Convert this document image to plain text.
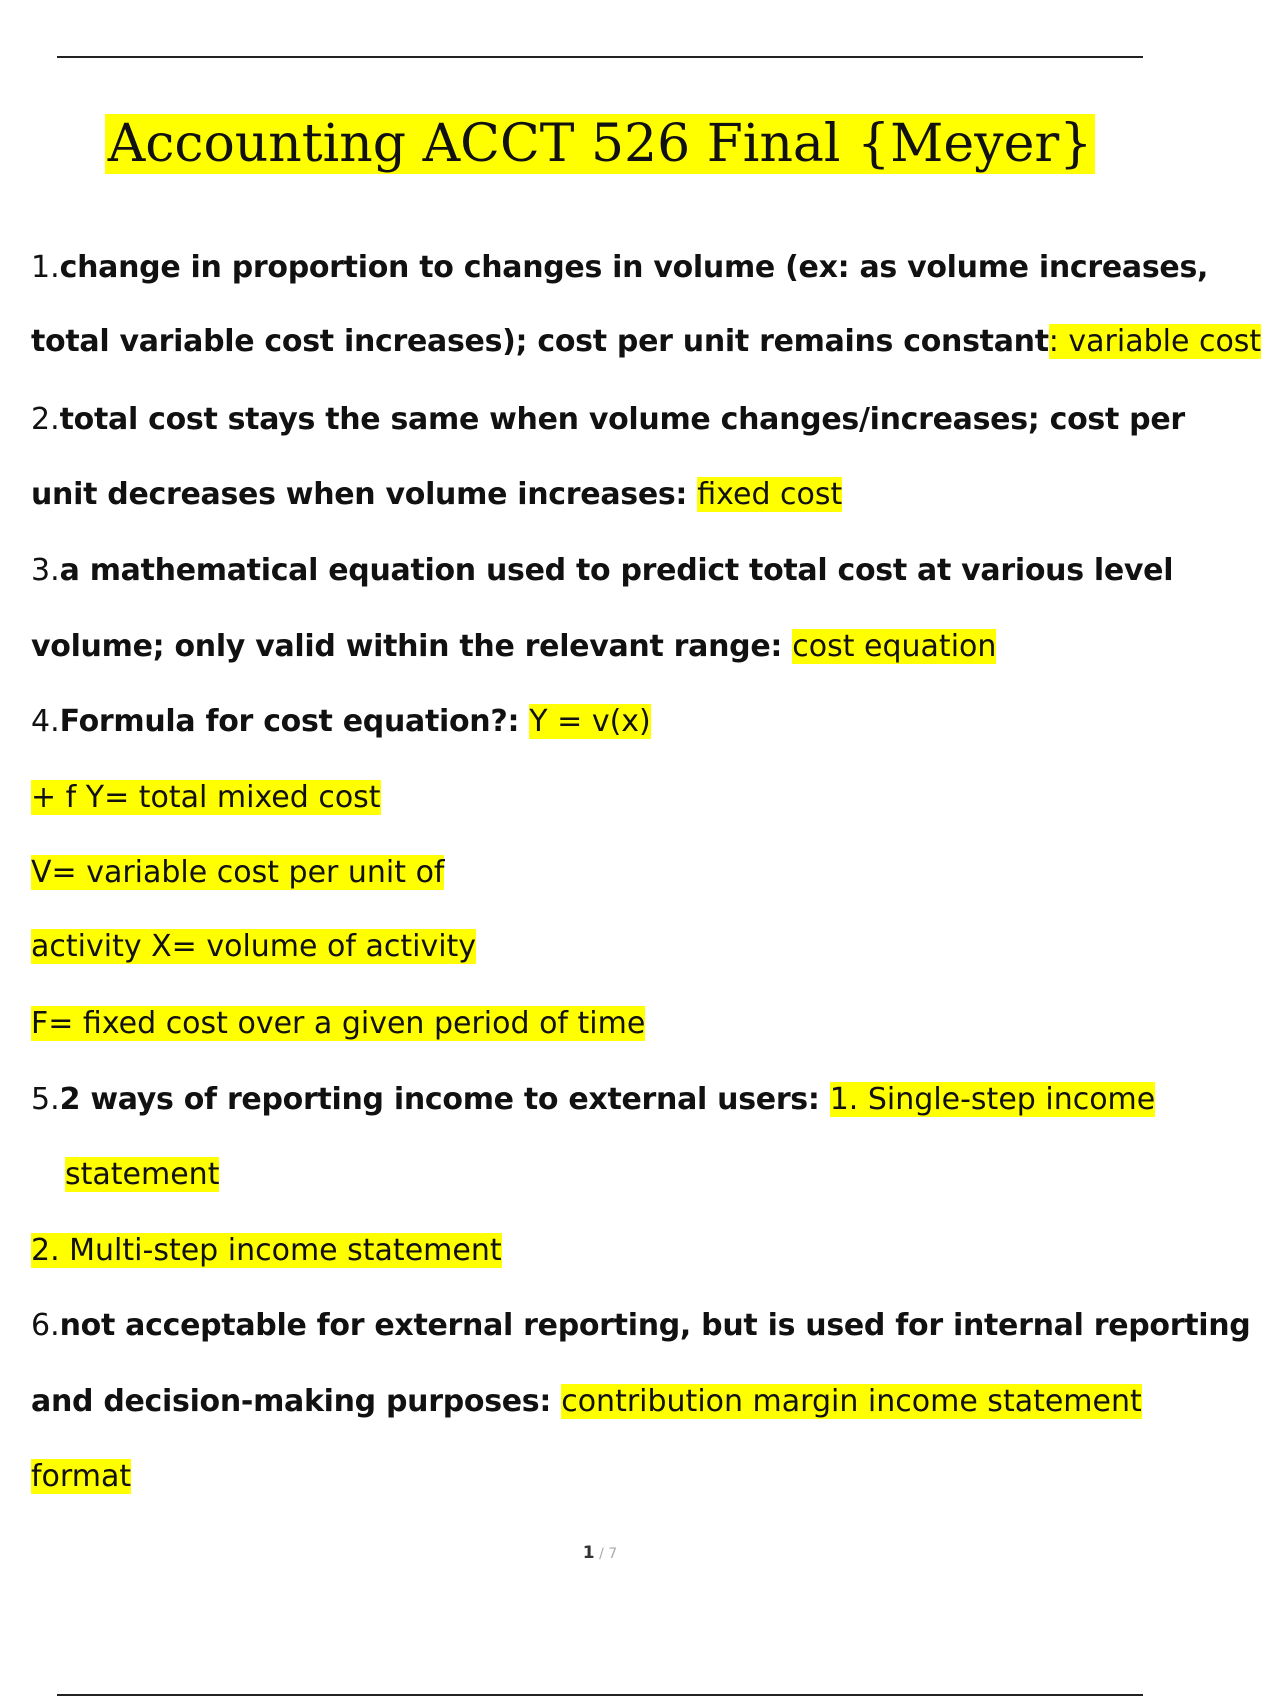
Accounting ACCT 526 Final {Meyer}
1.change in proportion to changes in volume (ex: as volume increases,
total variable cost increases); cost per unit remains constant: variable cost
2.total cost stays the same when volume changes/increases; cost per
unit decreases when volume increases: fixed cost
3.a mathematical equation used to predict total cost at various level
volume; only valid within the relevant range: cost equation
4.Formula for cost equation?: Y = v(x)
+ f Y= total mixed cost
V= variable cost per unit of
activity X= volume of activity
F= fixed cost over a given period of time
5.2 ways of reporting income to external users: 1. Single-step income
statement
2. Multi-step income statement
6.not acceptable for external reporting, but is used for internal reporting
and decision-making purposes: contribution margin income statement
format
1 / 7
